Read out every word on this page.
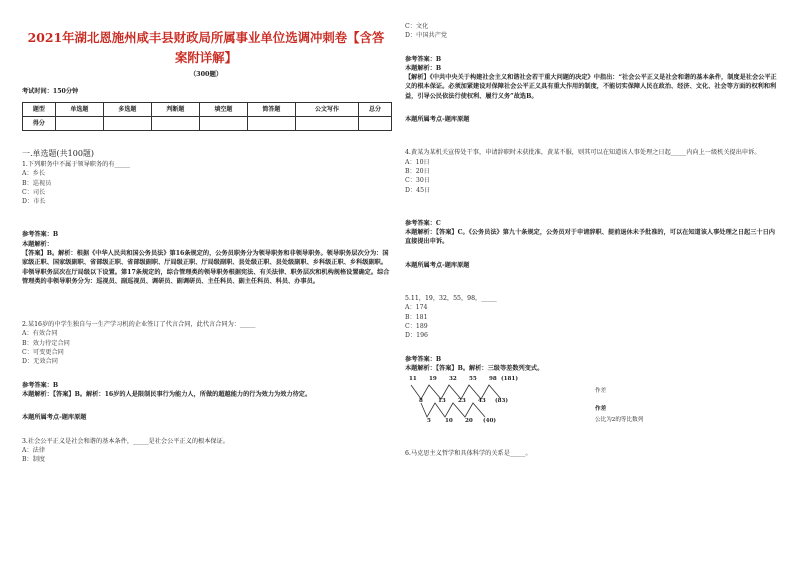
2021年湖北恩施州咸丰县财政局所属事业单位选调冲刺卷【含答案附详解】
（300题）
考试时间：150分钟
题型	单选题	多选题	判断题	填空题	简答题	公文写作	总分
得分							
一.单选题(共100题)

1.下列职务中不属于领导职务的有_____

A：乡长

B：巡视员

C：司长

D：市长

参考答案：B

本题解析：

【答案】B。解析：根据《中华人民共和国公务员法》第16条规定的，公务员职务分为领导职务和非领导职务。领导职务层次分为：国家级正职、国家级副职、省部级正职、省部级副职、厅局级正职、厅局级副职、县处级正职、县处级副职、乡科级正职、乡科级副职。非领导职务层次在厅局级以下设置。第17条规定的，综合管理类的领导职务根据宪法、有关法律、职务层次和机构规格设置确定。综合管理类的非领导职务分为：巡视员、副巡视员、调研员、副调研员、主任科员、副主任科员、科员、办事员。

2.某16岁的中学生独自与一生产学习机的企业签订了代言合同，此代言合同为：_____

A：有效合同

B：效力待定合同

C：可变更合同

D：无效合同

参考答案：B

本题解析：【答案】B。解析：16岁的人是限制民事行为能力人，所做的超越能力的行为效力为效力待定。

本题所属考点-题库原题

3.社会公平正义是社会和谐的基本条件，_____是社会公平正义的根本保证。

A：法律

B：制度

C：文化

D：中国共产党

参考答案：B

本题解析：B

【解析】《中共中央关于构建社会主义和谐社会若干重大问题的决定》中指出：“社会公平正义是社会和谐的基本条件，制度是社会公平正义的根本保证。必须加紧建设对保障社会公平正义具有重大作用的制度，不能切实保障人民在政治、经济、文化、社会等方面的权利和利益，引导公民依法行使权利、履行义务”故选B。

本题所属考点-题库原题

4.黄某为某机关宣传处干事，申请辞职时未获批准，黄某不服，则其可以在知道该人事处理之日起_____内向上一级机关提出申诉。

A：10日

B：20日

C：30日

D：45日

参考答案：C

本题解析：【答案】C。《公务员法》第九十条规定，公务员对于申请辞职、提前退休未予批准的，可以在知道该人事处理之日起三十日内直接提出申诉。

本题所属考点-题库原题

5.11，19，32，55，98，_____

A：174

B：181

C：189

D：196

参考答案：B

本题解析：【答案】B。解析：三级等差数列变式。

11 19 32 55 98 (181)
8	13 23 43 (83)
5	10 20 (40)
作差
作差
公比为2的等比数列

6.马克思主义哲学和具体科学的关系是_____。
